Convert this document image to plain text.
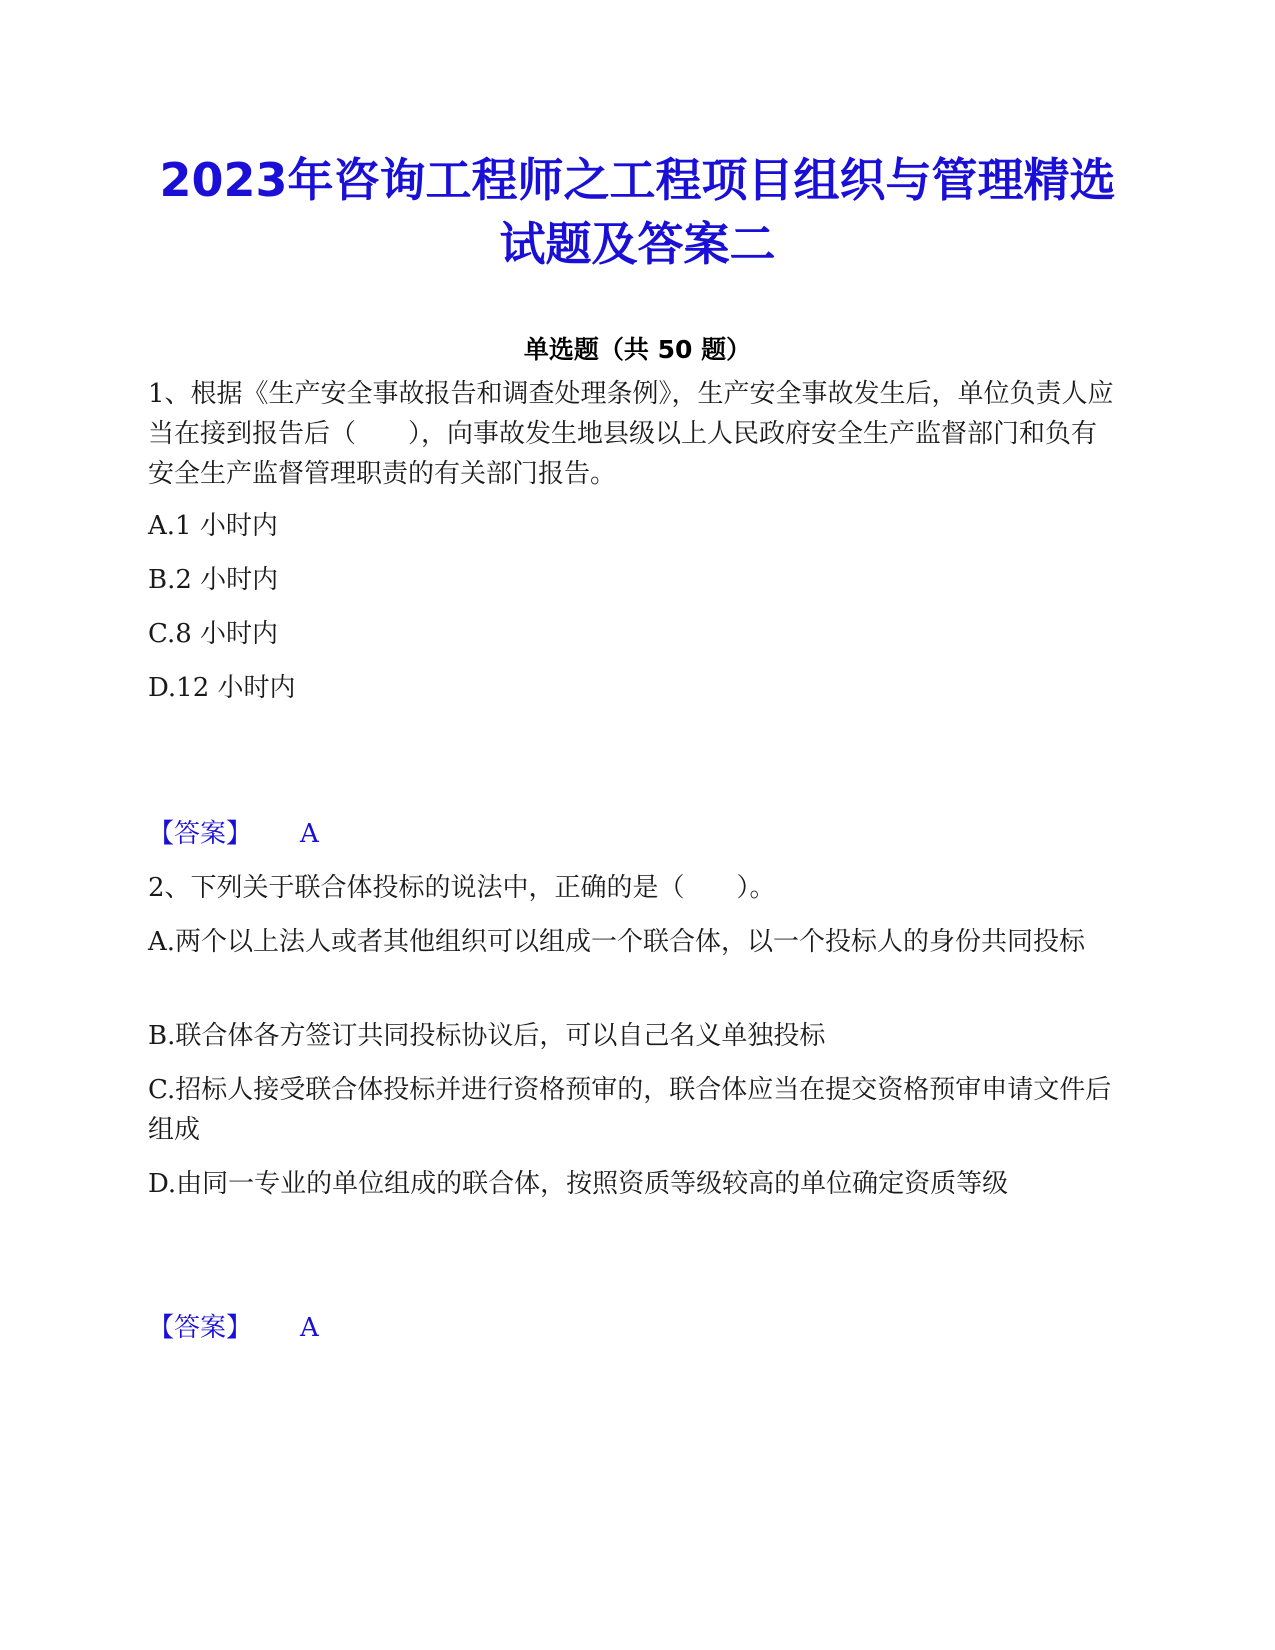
2023年咨询工程师之工程项目组织与管理精选试题及答案二
单选题（共 50 题）

1、根据《生产安全事故报告和调查处理条例》，生产安全事故发生后，单位负责人应当在接到报告后（　　），向事故发生地县级以上人民政府安全生产监督部门和负有安全生产监督管理职责的有关部门报告。

A.1 小时内

B.2 小时内

C.8 小时内

D.12 小时内

【答案】 A

2、下列关于联合体投标的说法中，正确的是（　　）。

A.两个以上法人或者其他组织可以组成一个联合体，以一个投标人的身份共同投标

B.联合体各方签订共同投标协议后，可以自己名义单独投标

C.招标人接受联合体投标并进行资格预审的，联合体应当在提交资格预审申请文件后组成

D.由同一专业的单位组成的联合体，按照资质等级较高的单位确定资质等级

【答案】 A
